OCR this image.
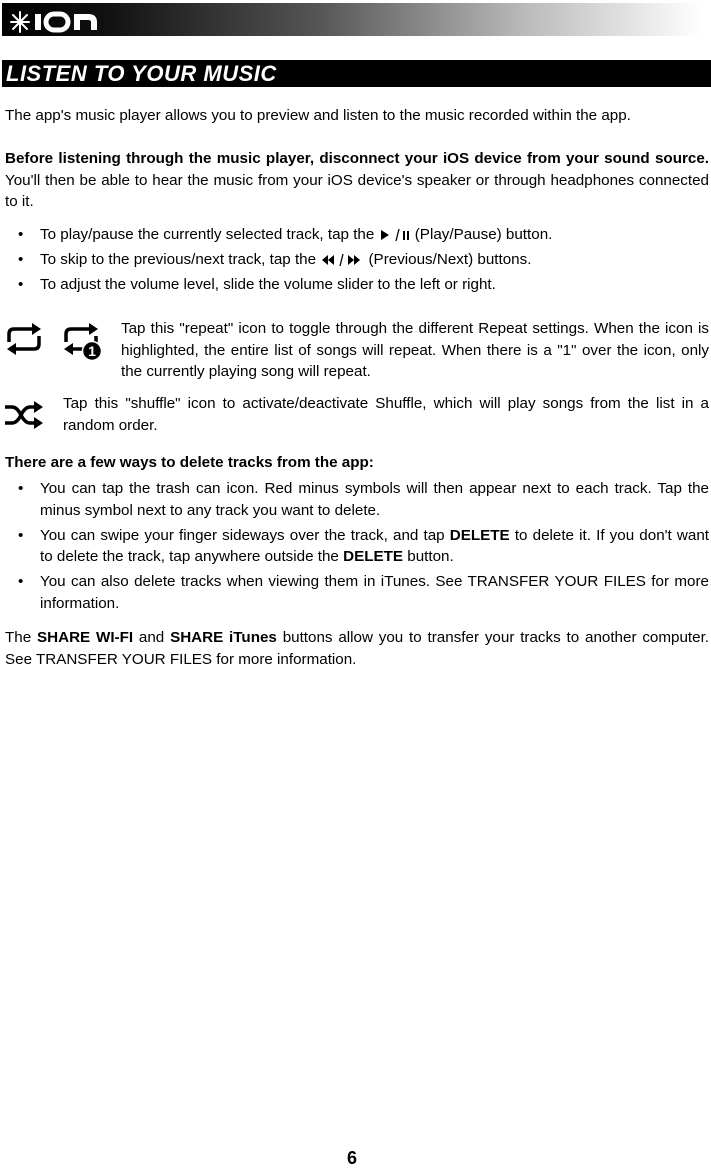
ION
LISTEN TO YOUR MUSIC

The app's music player allows you to preview and listen to the music recorded within the app.

Before listening through the music player, disconnect your iOS device from your sound source. You'll then be able to hear the music from your iOS device's speaker or through headphones connected to it.

• To play/pause the currently selected track, tap the  (Play/Pause) button.
• To skip to the previous/next track, tap the	(Previous/Next) buttons.
• To adjust the volume level, slide the volume slider to the left or right.
1

Tap this "repeat" icon to toggle through the different Repeat settings. When the icon is highlighted, the entire list of songs will repeat. When there is a "1" over the icon, only the currently playing song will repeat.

Tap this "shuffle" icon to activate/deactivate Shuffle, which will play songs from the list in a random order.

There are a few ways to delete tracks from the app:

• You can tap the trash can icon. Red minus symbols will then appear next to each track. Tap the minus symbol next to any track you want to delete.
• You can swipe your finger sideways over the track, and tap DELETE to delete it. If you don't want to delete the track, tap anywhere outside the DELETE button.
• You can also delete tracks when viewing them in iTunes. See TRANSFER YOUR FILES for more information.

The SHARE WI-FI and SHARE iTunes buttons allow you to transfer your tracks to another computer. See TRANSFER YOUR FILES for more information.

6
